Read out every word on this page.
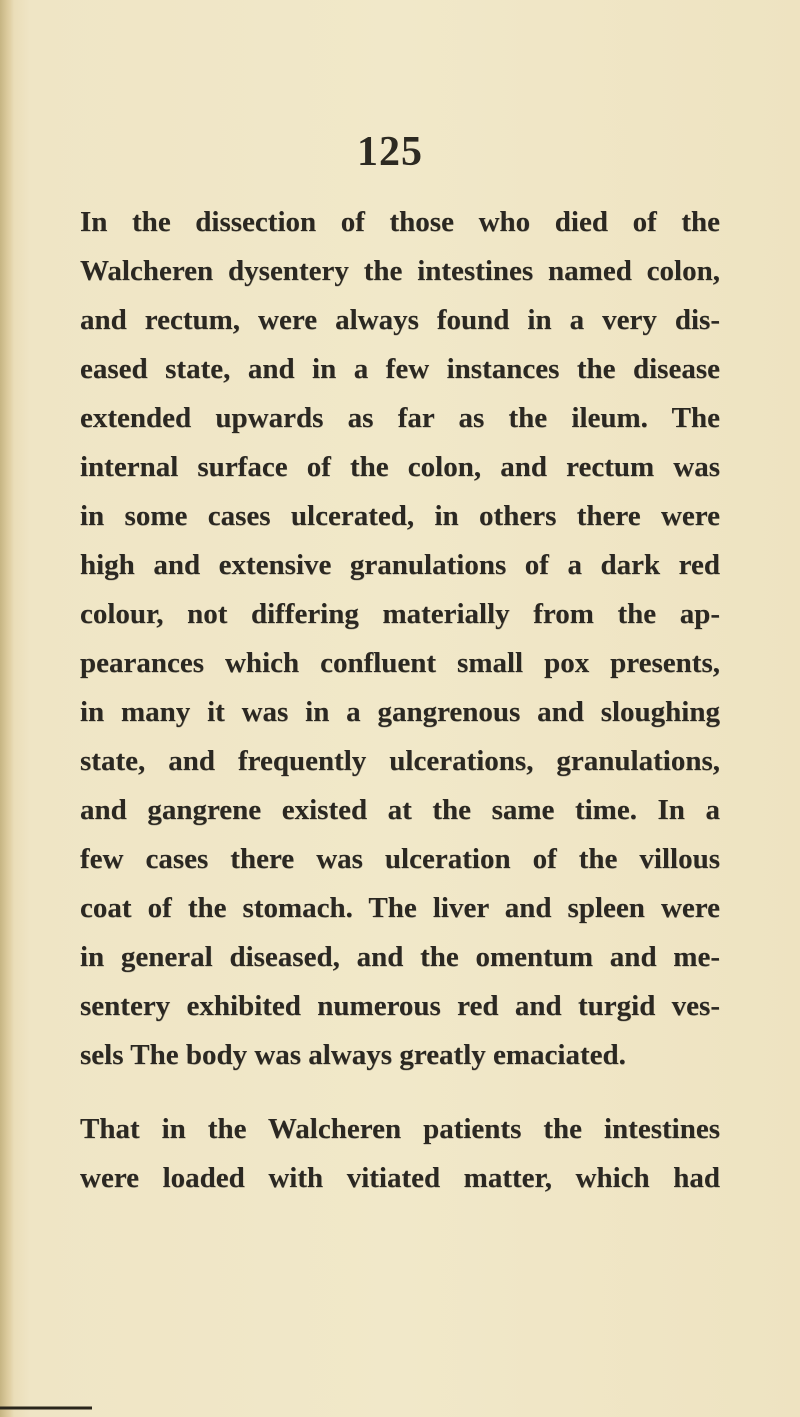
125
In the dissection of those who died of the
Walcheren dysentery the intestines named colon,
and rectum, were always found in a very dis-
eased state, and in a few instances the disease
extended upwards as far as the ileum. The
internal surface of the colon, and rectum was
in some cases ulcerated, in others there were
high and extensive granulations of a dark red
colour, not differing materially from the ap-
pearances which confluent small pox presents,
in many it was in a gangrenous and sloughing
state, and frequently ulcerations, granulations,
and gangrene existed at the same time. In a
few cases there was ulceration of the villous
coat of the stomach. The liver and spleen were
in general diseased, and the omentum and me-
sentery exhibited numerous red and turgid ves-
sels The body was always greatly emaciated.
That in the Walcheren patients the intestines
were loaded with vitiated matter, which had
